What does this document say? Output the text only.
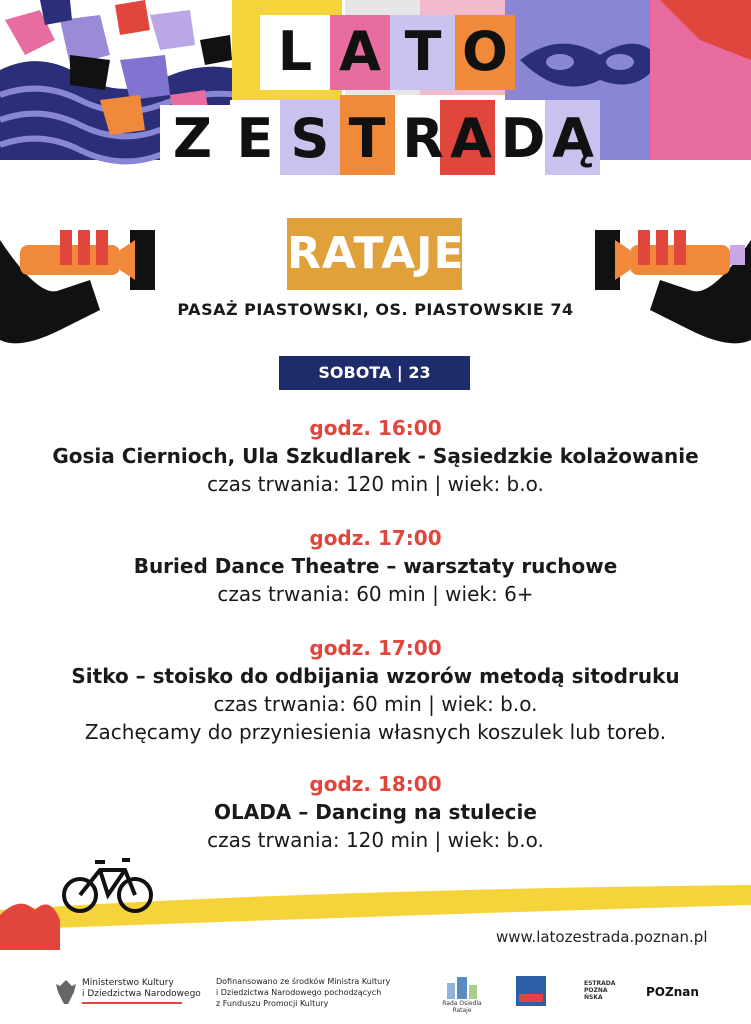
L A T O
Z E S T R A D Ą
RATAJE
PASAŻ PIASTOWSKI, OS. PIASTOWSKIE 74
SOBOTA | 23 SIERPNIA
godz. 16:00
Gosia Ciernioch, Ula Szkudlarek - Sąsiedzkie kolażowanie
czas trwania: 120 min | wiek: b.o.
godz. 17:00
Buried Dance Theatre – warsztaty ruchowe
czas trwania: 60 min | wiek: 6+
godz. 17:00
Sitko – stoisko do odbijania wzorów metodą sitodruku
czas trwania: 60 min | wiek: b.o.
Zachęcamy do przyniesienia własnych koszulek lub toreb.
godz. 18:00
OLADA – Dancing na stulecie
czas trwania: 120 min | wiek: b.o.
www.latozestrada.poznan.pl
Ministerstwo Kultury
i Dziedzictwa Narodowego
Dofinansowano ze środków Ministra Kultury
i Dziedzictwa Narodowego pochodzących
z Funduszu Promocji Kultury	Rada Osiedla Rataje
ESTRADA
POZNA
ŃSKA	POZnan
